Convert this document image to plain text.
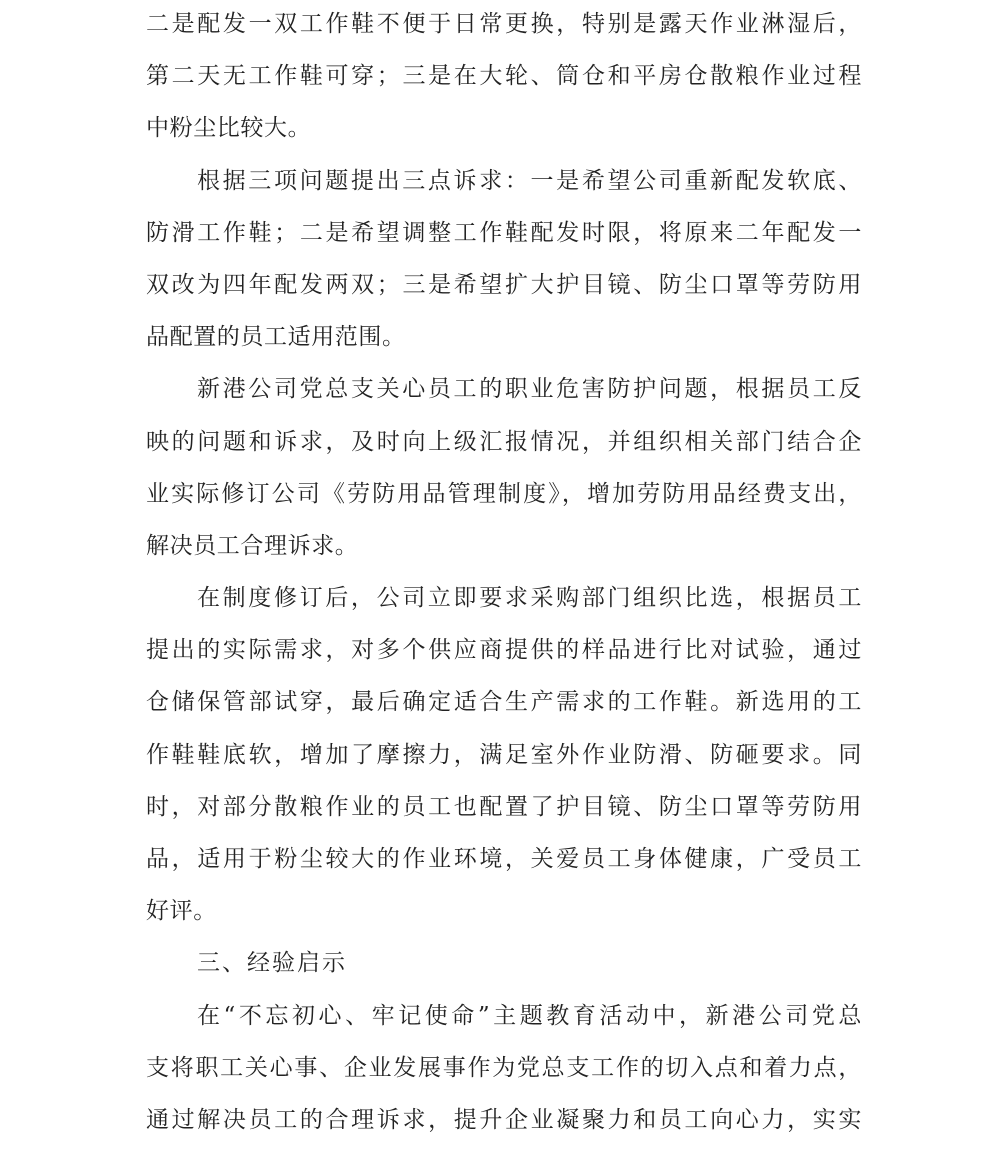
二是配发一双工作鞋不便于日常更换，特别是露天作业淋湿后，
第二天无工作鞋可穿；三是在大轮、筒仓和平房仓散粮作业过程
中粉尘比较大。
根据三项问题提出三点诉求：一是希望公司重新配发软底、
防滑工作鞋；二是希望调整工作鞋配发时限，将原来二年配发一
双改为四年配发两双；三是希望扩大护目镜、防尘口罩等劳防用
品配置的员工适用范围。
新港公司党总支关心员工的职业危害防护问题，根据员工反
映的问题和诉求，及时向上级汇报情况，并组织相关部门结合企
业实际修订公司《劳防用品管理制度》，增加劳防用品经费支出，
解决员工合理诉求。
在制度修订后，公司立即要求采购部门组织比选，根据员工
提出的实际需求，对多个供应商提供的样品进行比对试验，通过
仓储保管部试穿，最后确定适合生产需求的工作鞋。新选用的工
作鞋鞋底软，增加了摩擦力，满足室外作业防滑、防砸要求。同
时，对部分散粮作业的员工也配置了护目镜、防尘口罩等劳防用
品，适用于粉尘较大的作业环境，关爱员工身体健康，广受员工
好评。
三、经验启示
在“不忘初心、牢记使命”主题教育活动中，新港公司党总
支将职工关心事、企业发展事作为党总支工作的切入点和着力点，
通过解决员工的合理诉求，提升企业凝聚力和员工向心力，实实
